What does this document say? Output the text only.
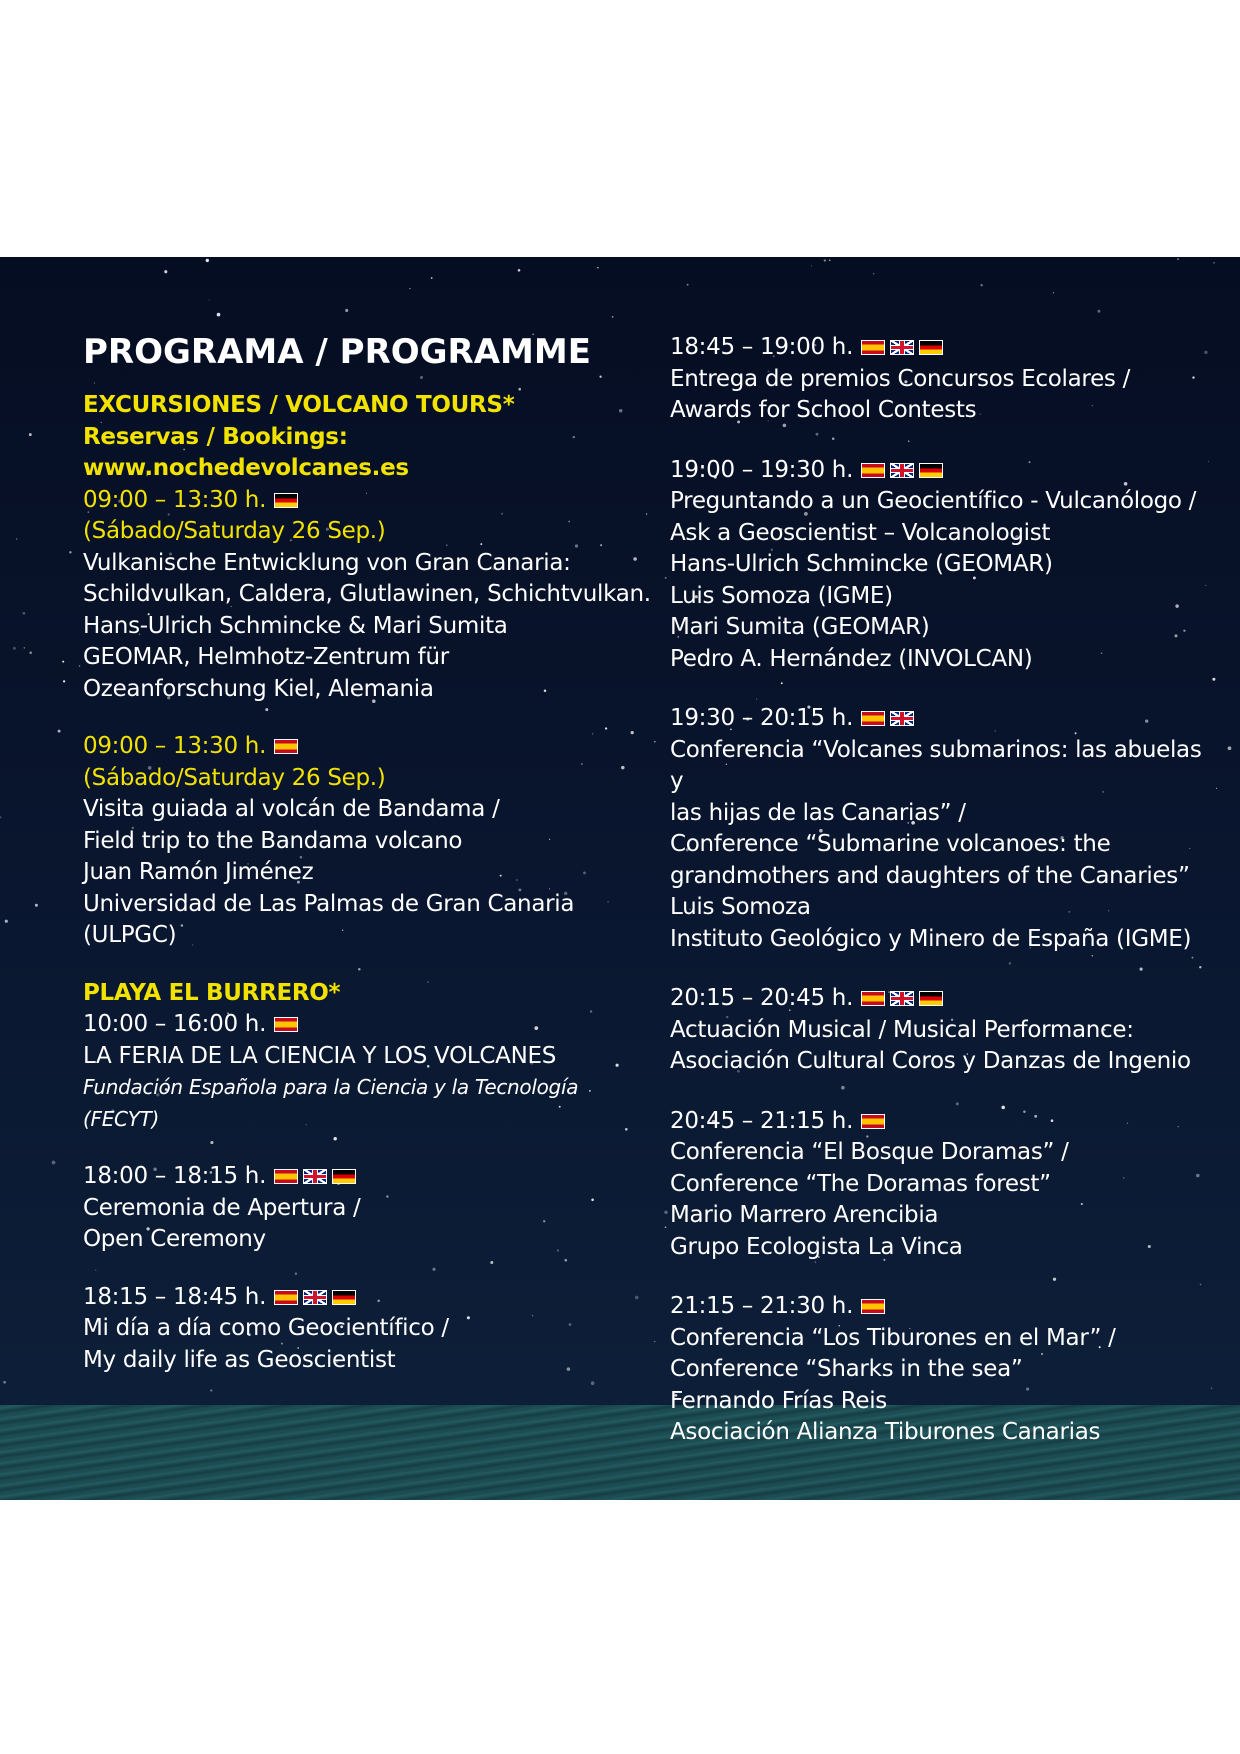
PROGRAMA / PROGRAMME
EXCURSIONES / VOLCANO TOURS*
Reservas / Bookings:
www.nochedevolcanes.es
09:00 – 13:30 h.
(Sábado/Saturday 26 Sep.)
Vulkanische Entwicklung von Gran Canaria:
Schildvulkan, Caldera, Glutlawinen, Schichtvulkan.
Hans-Ulrich Schmincke & Mari Sumita
GEOMAR, Helmhotz-Zentrum für
Ozeanforschung Kiel, Alemania
09:00 – 13:30 h.
(Sábado/Saturday 26 Sep.)
Visita guiada al volcán de Bandama /
Field trip to the Bandama volcano
Juan Ramón Jiménez
Universidad de Las Palmas de Gran Canaria
(ULPGC)
PLAYA EL BURRERO*
10:00 – 16:00 h.
LA FERIA DE LA CIENCIA Y LOS VOLCANES
Fundación Española para la Ciencia y la Tecnología
(FECYT)
18:00 – 18:15 h.
Ceremonia de Apertura /
Open Ceremony
18:15 – 18:45 h.
Mi día a día como Geocientífico /
My daily life as Geoscientist
18:45 – 19:00 h.
Entrega de premios Concursos Ecolares /
Awards for School Contests
19:00 – 19:30 h.
Preguntando a un Geocientífico - Vulcanólogo /
Ask a Geoscientist – Volcanologist
Hans-Ulrich Schmincke (GEOMAR)
Luis Somoza (IGME)
Mari Sumita (GEOMAR)
Pedro A. Hernández (INVOLCAN)
19:30 – 20:15 h.
Conferencia “Volcanes submarinos: las abuelas y
las hijas de las Canarias” /
Conference “Submarine volcanoes: the
grandmothers and daughters of the Canaries”
Luis Somoza
Instituto Geológico y Minero de España (IGME)
20:15 – 20:45 h.
Actuación Musical / Musical Performance:
Asociación Cultural Coros y Danzas de Ingenio
20:45 – 21:15 h.
Conferencia “El Bosque Doramas” /
Conference “The Doramas forest”
Mario Marrero Arencibia
Grupo Ecologista La Vinca
21:15 – 21:30 h.
Conferencia “Los Tiburones en el Mar” /
Conference “Sharks in the sea”
Fernando Frías Reis
Asociación Alianza Tiburones Canarias
